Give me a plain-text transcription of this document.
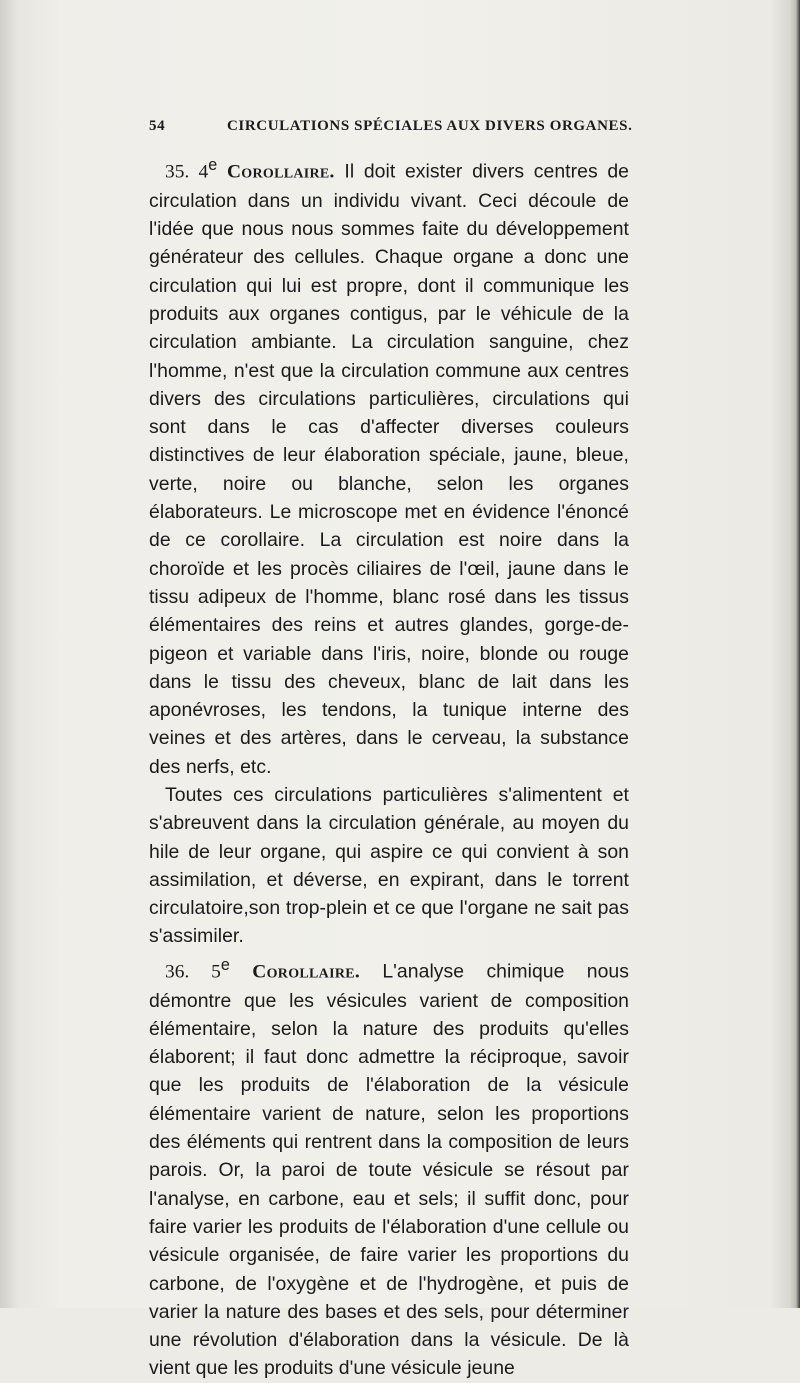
54	CIRCULATIONS SPÉCIALES AUX DIVERS ORGANES.

35. 4e Corollaire. Il doit exister divers centres de circulation dans un individu vivant. Ceci découle de l'idée que nous nous sommes faite du développement générateur des cellules. Chaque organe a donc une circulation qui lui est propre, dont il communique les produits aux organes contigus, par le véhicule de la circulation ambiante. La circulation sanguine, chez l'homme, n'est que la circulation commune aux centres divers des circulations particulières, circulations qui sont dans le cas d'affecter diverses couleurs distinctives de leur élaboration spéciale, jaune, bleue, verte, noire ou blanche, selon les organes élaborateurs. Le microscope met en évidence l'énoncé de ce corollaire. La circulation est noire dans la choroïde et les procès ciliaires de l'œil, jaune dans le tissu adipeux de l'homme, blanc rosé dans les tissus élémentaires des reins et autres glandes, gorge-de-pigeon et variable dans l'iris, noire, blonde ou rouge dans le tissu des cheveux, blanc de lait dans les aponévroses, les tendons, la tunique interne des veines et des artères, dans le cerveau, la substance des nerfs, etc.

Toutes ces circulations particulières s'alimentent et s'abreuvent dans la circulation générale, au moyen du hile de leur organe, qui aspire ce qui convient à son assimilation, et déverse, en expirant, dans le torrent circulatoire,son trop-plein et ce que l'organe ne sait pas s'assimiler.

36. 5e Corollaire. L'analyse chimique nous démontre que les vésicules varient de composition élémentaire, selon la nature des produits qu'elles élaborent; il faut donc admettre la réciproque, savoir que les produits de l'élaboration de la vésicule élémentaire varient de nature, selon les proportions des éléments qui rentrent dans la composition de leurs parois. Or, la paroi de toute vésicule se résout par l'analyse, en carbone, eau et sels; il suffit donc, pour faire varier les produits de l'élaboration d'une cellule ou vésicule organisée, de faire varier les proportions du carbone, de l'oxygène et de l'hydrogène, et puis de varier la nature des bases et des sels, pour déterminer une révolution d'élaboration dans la vésicule. De là vient que les produits d'une vésicule jeune
